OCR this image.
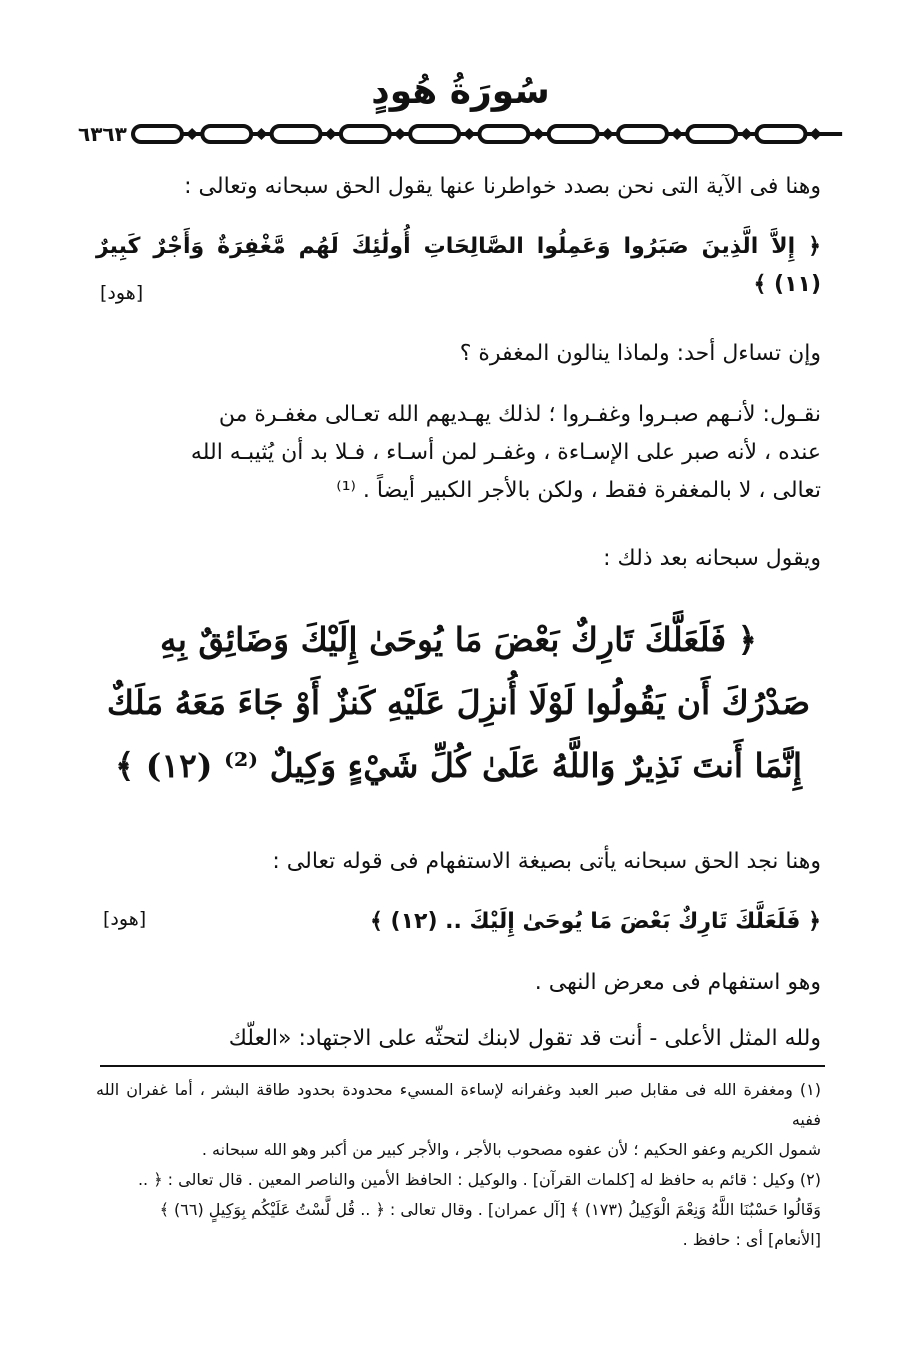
سُورَةُ هُودٍ
٦٣٦٣
وهنا فى الآية التى نحن بصدد خواطرنا عنها يقول الحق سبحانه وتعالى :
﴿ إِلاَّ الَّذِينَ صَبَرُوا وَعَمِلُوا الصَّالِحَاتِ أُولَٰئِكَ لَهُم مَّغْفِرَةٌ وَأَجْرٌ كَبِيرٌ (١١) ﴾
[هود]
وإن تساءل أحد: ولماذا ينالون المغفرة ؟
نقـول: لأنـهم صبـروا وغفـروا ؛ لذلك يهـديهم الله تعـالى مغفـرة من
عنده ، لأنه صبر على الإسـاءة ، وغفـر لمن أسـاء ، فـلا بد أن يُثيبـه الله
تعالى ، لا بالمغفرة فقط ، ولكن بالأجر الكبير أيضاً . ⁽¹⁾
ويقول سبحانه بعد ذلك :
﴿ فَلَعَلَّكَ تَارِكٌ بَعْضَ مَا يُوحَىٰ إِلَيْكَ وَضَائِقٌ بِهِ
صَدْرُكَ أَن يَقُولُوا لَوْلَا أُنزِلَ عَلَيْهِ كَنزٌ أَوْ جَاءَ مَعَهُ مَلَكٌ
إِنَّمَا أَنتَ نَذِيرٌ وَاللَّهُ عَلَىٰ كُلِّ شَيْءٍ وَكِيلٌ ⁽²⁾ (١٢) ﴾
وهنا نجد الحق سبحانه يأتى بصيغة الاستفهام فى قوله تعالى :
﴿ فَلَعَلَّكَ تَارِكٌ بَعْضَ مَا يُوحَىٰ إِلَيْكَ .. (١٢) ﴾
[هود]
وهو استفهام فى معرض النهى .
ولله المثل الأعلى - أنت قد تقول لابنك لتحثّه على الاجتهاد: «العلّك
(١) ومغفرة الله فى مقابل صبر العبد وغفرانه لإساءة المسيء محدودة بحدود طاقة البشر ، أما غفران الله ففيه
شمول الكريم وعفو الحكيم ؛ لأن عفوه مصحوب بالأجر ، والأجر كبير من أكبر وهو الله سبحانه .
(٢) وكيل : قائم به حافظ له [كلمات القرآن] . والوكيل : الحافظ الأمين والناصر المعين . قال تعالى : ﴿ ..
وَقَالُوا حَسْبُنَا اللَّهُ وَنِعْمَ الْوَكِيلُ (١٧٣) ﴾ [آل عمران] . وقال تعالى : ﴿ .. قُل لَّسْتُ عَلَيْكُم بِوَكِيلٍ (٦٦) ﴾
[الأنعام] أى : حافظ .
